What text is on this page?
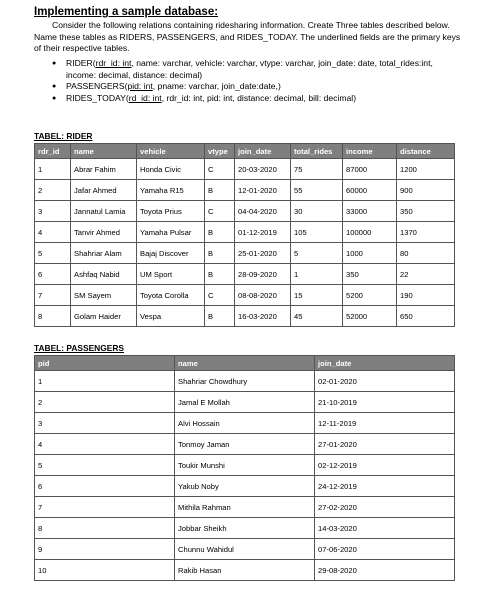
Implementing a sample database:
Consider the following relations containing ridesharing information. Create Three tables described below. Name these tables as RIDERS, PASSENGERS, and RIDES_TODAY. The underlined fields are the primary keys of their respective tables.
● RIDER(rdr_id: int, name: varchar, vehicle: varchar, vtype: varchar, join_date: date, total_rides:int, income: decimal, distance: decimal)
● PASSENGERS(pid: int, pname: varchar, join_date:date,)
● RIDES_TODAY(rd_id: int, rdr_id: int, pid: int, distance: decimal, bill: decimal)
TABEL: RIDER
rdr_id	name	vehicle	vtype	join_date	total_rides	income	distance
1	Abrar Fahim	Honda Civic	C	20-03-2020	75	87000	1200
2	Jafar Ahmed	Yamaha R15	B	12-01-2020	55	60000	900
3	Jannatul Lamia	Toyota Prius	C	04-04-2020	30	33000	350
4	Tanvir Ahmed	Yamaha Pulsar	B	01-12-2019	105	100000	1370
5	Shahriar Alam	Bajaj Discover	B	25-01-2020	5	1000	80
6	Ashfaq Nabid	UM Sport	B	28-09-2020	1	350	22
7	SM Sayem	Toyota Corolla	C	08-08-2020	15	5200	190
8	Golam Haider	Vespa	B	16-03-2020	45	52000	650
TABEL: PASSENGERS
pid	name	join_date
1	Shahriar Chowdhury	02-01-2020
2	Jamal E Mollah	21-10-2019
3	Alvi Hossain	12-11-2019
4	Tonmoy Jaman	27-01-2020
5	Toukir Munshi	02-12-2019
6	Yakub Noby	24-12-2019
7	Mithila Rahman	27-02-2020
8	Jobbar Sheikh	14-03-2020
9	Chunnu Wahidul	07-06-2020
10	Rakib Hasan	29-08-2020
